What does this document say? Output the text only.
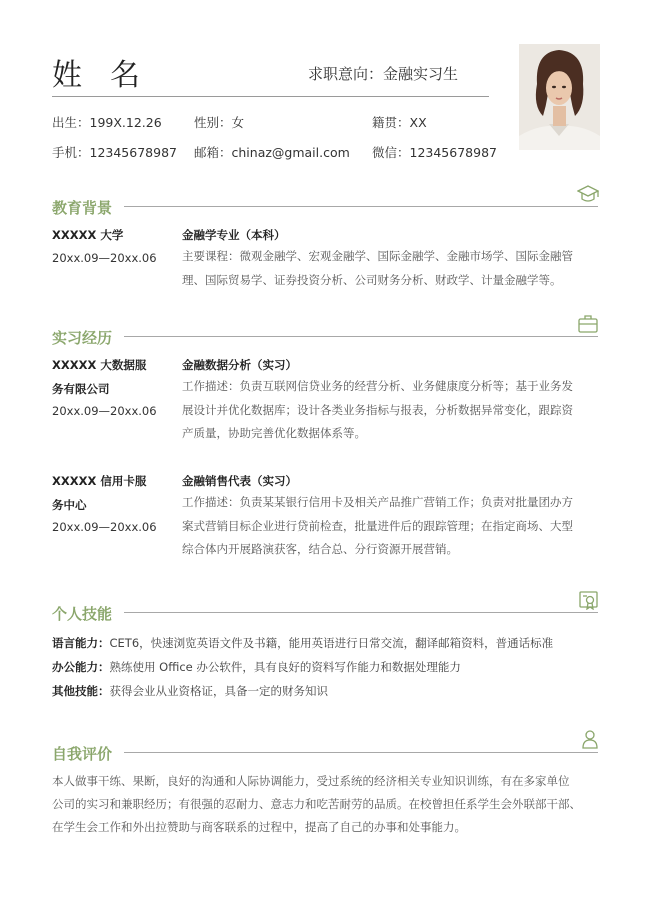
姓名	求职意向：金融实习生
出生：199X.12.26	性别：女	籍贯：XX
手机：12345678987 邮箱：chinaz@gmail.com 微信：12345678987
教育背景
XXXXX 大学
20xx.09—20xx.06
金融学专业（本科）
主要课程：微观金融学、宏观金融学、国际金融学、金融市场学、国际金融管
理、国际贸易学、证券投资分析、公司财务分析、财政学、计量金融学等。
实习经历
XXXXX 大数据服
务有限公司
20xx.09—20xx.06
金融数据分析（实习）
工作描述：负责互联网信贷业务的经营分析、业务健康度分析等；基于业务发
展设计并优化数据库；设计各类业务指标与报表，分析数据异常变化，跟踪资
产质量，协助完善优化数据体系等。
XXXXX 信用卡服
务中心
20xx.09—20xx.06
金融销售代表（实习）
工作描述：负责某某银行信用卡及相关产品推广营销工作；负责对批量团办方
案式营销目标企业进行贷前检查，批量进件后的跟踪管理；在指定商场、大型
综合体内开展路演获客，结合总、分行资源开展营销。
个人技能
语言能力：CET6，快速浏览英语文件及书籍，能用英语进行日常交流，翻译邮箱资料，普通话标准
办公能力：熟练使用 Office 办公软件，具有良好的资料写作能力和数据处理能力
其他技能：获得会业从业资格证，具备一定的财务知识
自我评价
本人做事干练、果断，良好的沟通和人际协调能力，受过系统的经济相关专业知识训练，有在多家单位
公司的实习和兼职经历；有很强的忍耐力、意志力和吃苦耐劳的品质。在校曾担任系学生会外联部干部、
在学生会工作和外出拉赞助与商客联系的过程中，提高了自己的办事和处事能力。
